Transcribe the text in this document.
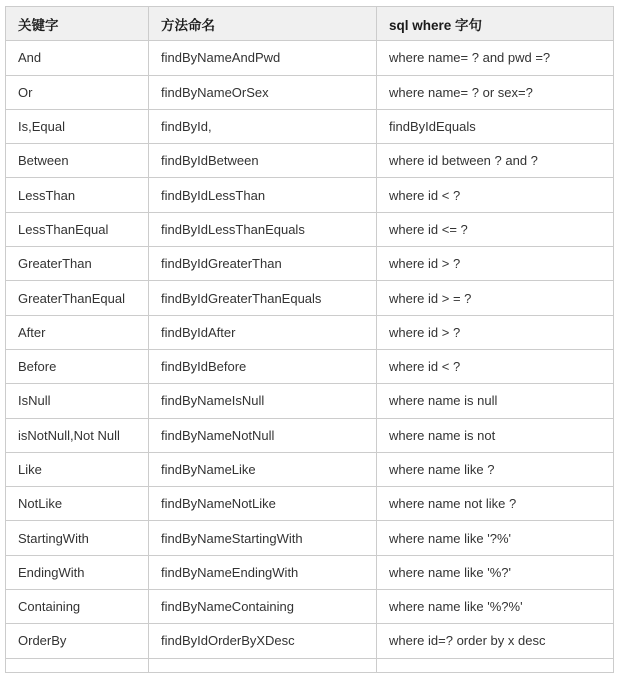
关键字	方法命名	sql where 字句
And	findByNameAndPwd	where name= ? and pwd =?
Or	findByNameOrSex	where name= ? or sex=?
Is,Equal	findById,	findByIdEquals
Between	findByIdBetween	where id between ? and ?
LessThan	findByIdLessThan	where id < ?
LessThanEqual	findByIdLessThanEquals	where id <= ?
GreaterThan	findByIdGreaterThan	where id > ?
GreaterThanEqual	findByIdGreaterThanEquals	where id > = ?
After	findByIdAfter	where id > ?
Before	findByIdBefore	where id < ?
IsNull	findByNameIsNull	where name is null
isNotNull,Not Null	findByNameNotNull	where name is not
Like	findByNameLike	where name like ?
NotLike	findByNameNotLike	where name not like ?
StartingWith	findByNameStartingWith	where name like '?%'
EndingWith	findByNameEndingWith	where name like '%?'
Containing	findByNameContaining	where name like '%?%'
OrderBy	findByIdOrderByXDesc	where id=? order by x desc
